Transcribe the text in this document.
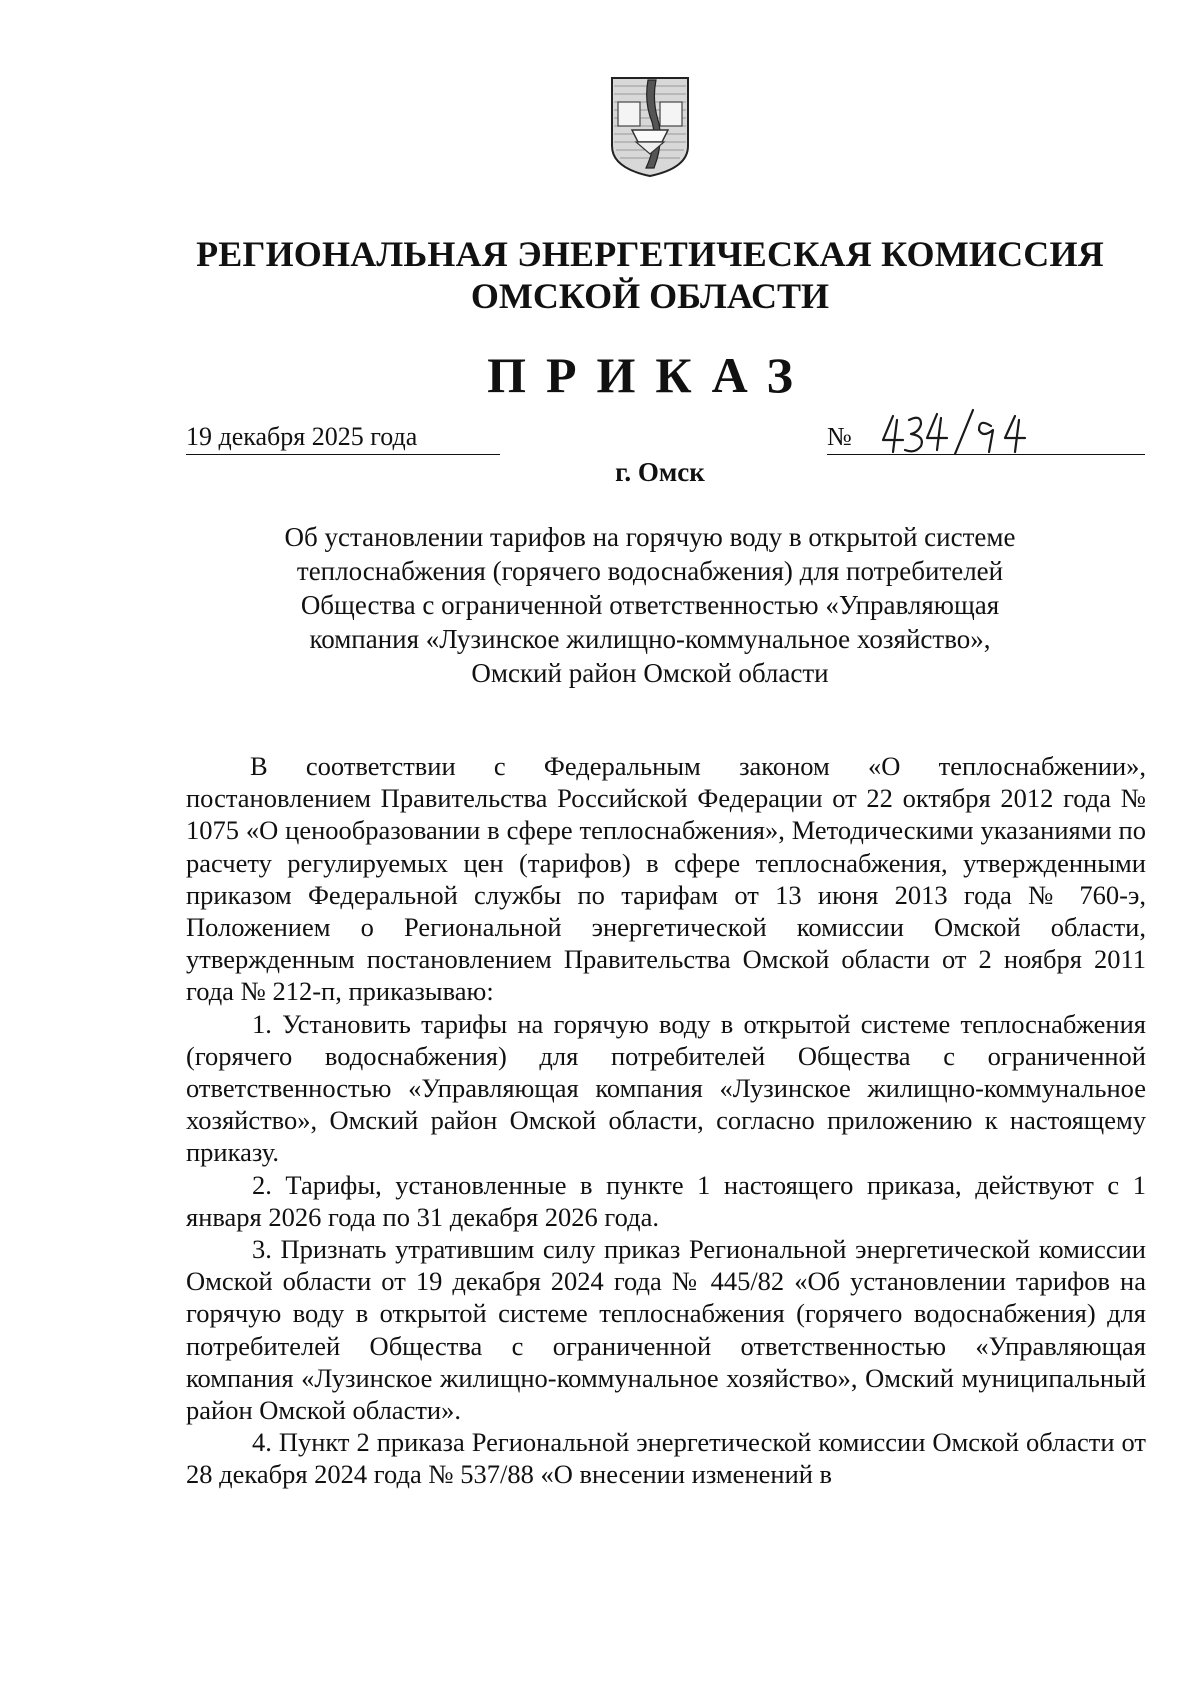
РЕГИОНАЛЬНАЯ ЭНЕРГЕТИЧЕСКАЯ КОМИССИЯ
ОМСКОЙ ОБЛАСТИ
ПРИКАЗ
19 декабря 2025 года	№
г. Омск
Об установлении тарифов на горячую воду в открытой системе
теплоснабжения (горячего водоснабжения) для потребителей
Общества с ограниченной ответственностью «Управляющая
компания «Лузинское жилищно-коммунальное хозяйство»,
Омский район Омской области

В соответствии с Федеральным законом «О теплоснабжении», постановлением Правительства Российской Федерации от 22 октября 2012 года № 1075 «О ценообразовании в сфере теплоснабжения», Методическими указаниями по расчету регулируемых цен (тарифов) в сфере теплоснабжения, утвержденными приказом Федеральной службы по тарифам от 13 июня 2013 года № 760-э, Положением о Региональной энергетической комиссии Омской области, утвержденным постановлением Правительства Омской области от 2 ноября 2011 года № 212-п, приказываю:

1. Установить тарифы на горячую воду в открытой системе теплоснабжения (горячего водоснабжения) для потребителей Общества с ограниченной ответственностью «Управляющая компания «Лузинское жилищно-коммунальное хозяйство», Омский район Омской области, согласно приложению к настоящему приказу.

2. Тарифы, установленные в пункте 1 настоящего приказа, действуют с 1 января 2026 года по 31 декабря 2026 года.

3. Признать утратившим силу приказ Региональной энергетической комиссии Омской области от 19 декабря 2024 года № 445/82 «Об установлении тарифов на горячую воду в открытой системе теплоснабжения (горячего водоснабжения) для потребителей Общества с ограниченной ответственностью «Управляющая компания «Лузинское жилищно-коммунальное хозяйство», Омский муниципальный район Омской области».

4. Пункт 2 приказа Региональной энергетической комиссии Омской области от 28 декабря 2024 года № 537/88 «О внесении изменений в
